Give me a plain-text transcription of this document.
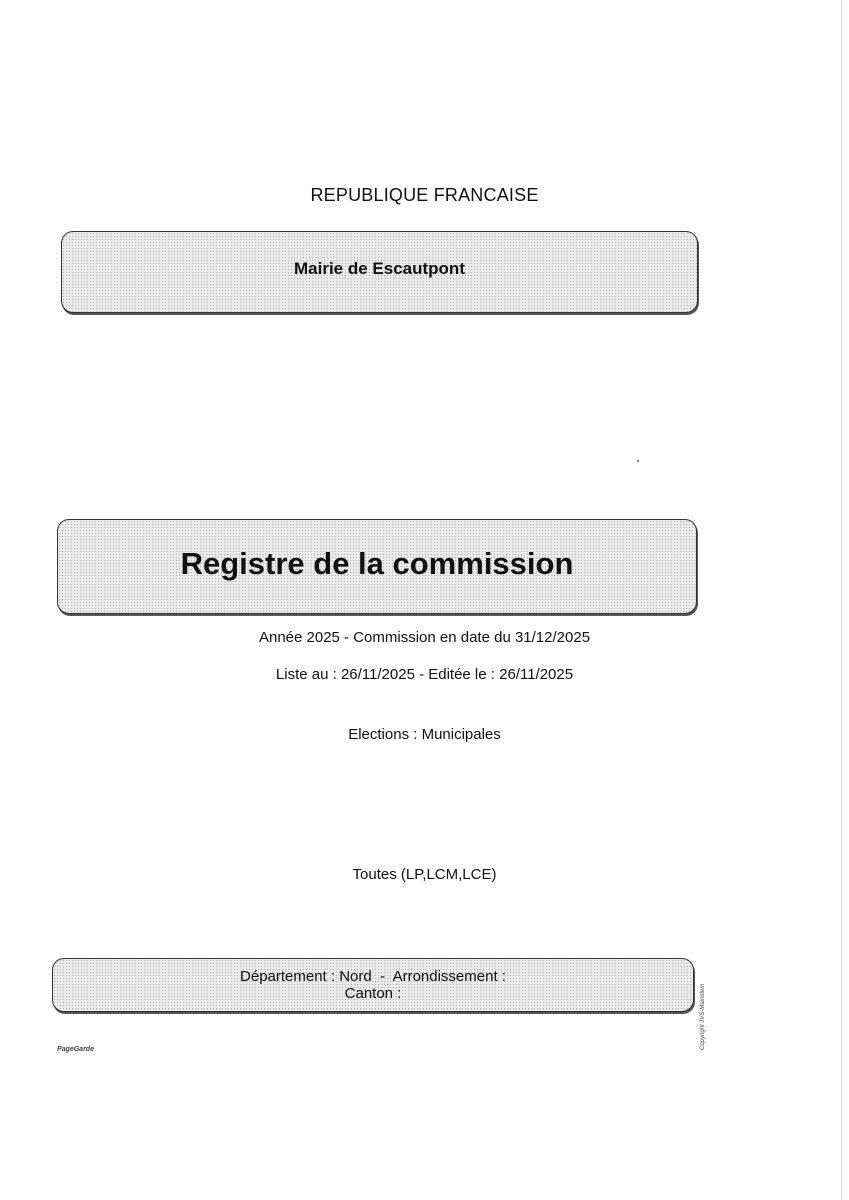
REPUBLIQUE FRANCAISE
Mairie de Escautpont
Registre de la commission
Année 2025 - Commission en date du 31/12/2025
Liste au : 26/11/2025 - Editée le : 26/11/2025
Elections : Municipales
Toutes (LP,LCM,LCE)
Département : Nord  -  Arrondissement :
Canton :	Copyright JVS-Mairistem
PageGarde
